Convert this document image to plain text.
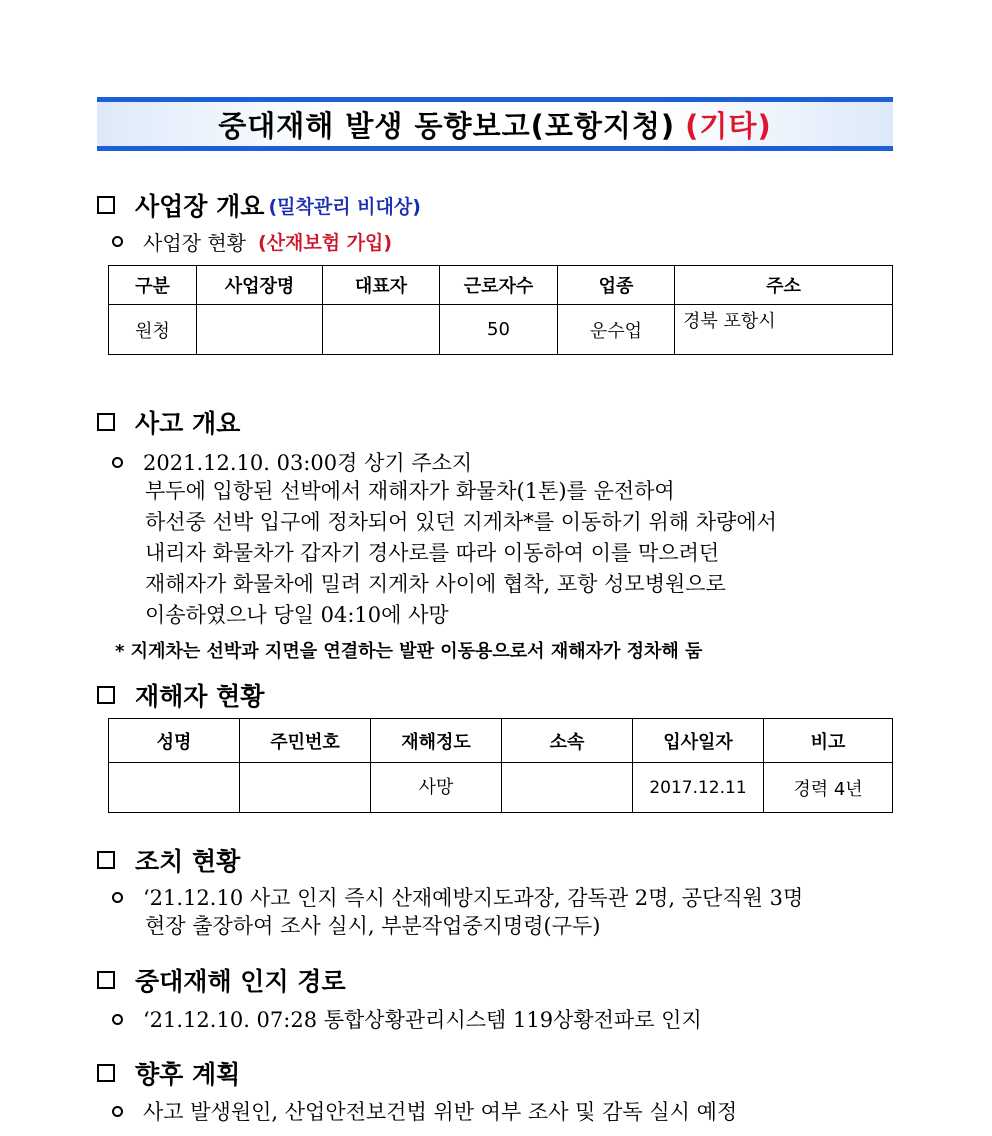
중대재해 발생 동향보고(포항지청) (기타)
사업장 개요 (밀착관리 비대상)
사업장 현황 (산재보험 가입)
구분	사업장명	대표자	근로자수	업종	주소
원청			50	운수업	경북 포항시
사고 개요
2021.12.10. 03:00경 상기 주소지
부두에 입항된 선박에서 재해자가 화물차(1톤)를 운전하여
하선중 선박 입구에 정차되어 있던 지게차*를 이동하기 위해 차량에서
내리자 화물차가 갑자기 경사로를 따라 이동하여 이를 막으려던
재해자가 화물차에 밀려 지게차 사이에 협착, 포항 성모병원으로
이송하였으나 당일 04:10에 사망
* 지게차는 선박과 지면을 연결하는 발판 이동용으로서 재해자가 정차해 둠
재해자 현황
성명	주민번호	재해정도	소속	입사일자	비고
		사망		2017.12.11	경력 4년
조치 현황
‘21.12.10 사고 인지 즉시 산재예방지도과장, 감독관 2명, 공단직원 3명
현장 출장하여 조사 실시, 부분작업중지명령(구두)
중대재해 인지 경로
‘21.12.10. 07:28 통합상황관리시스템 119상황전파로 인지
향후 계획
사고 발생원인, 산업안전보건법 위반 여부 조사 및 감독 실시 예정
